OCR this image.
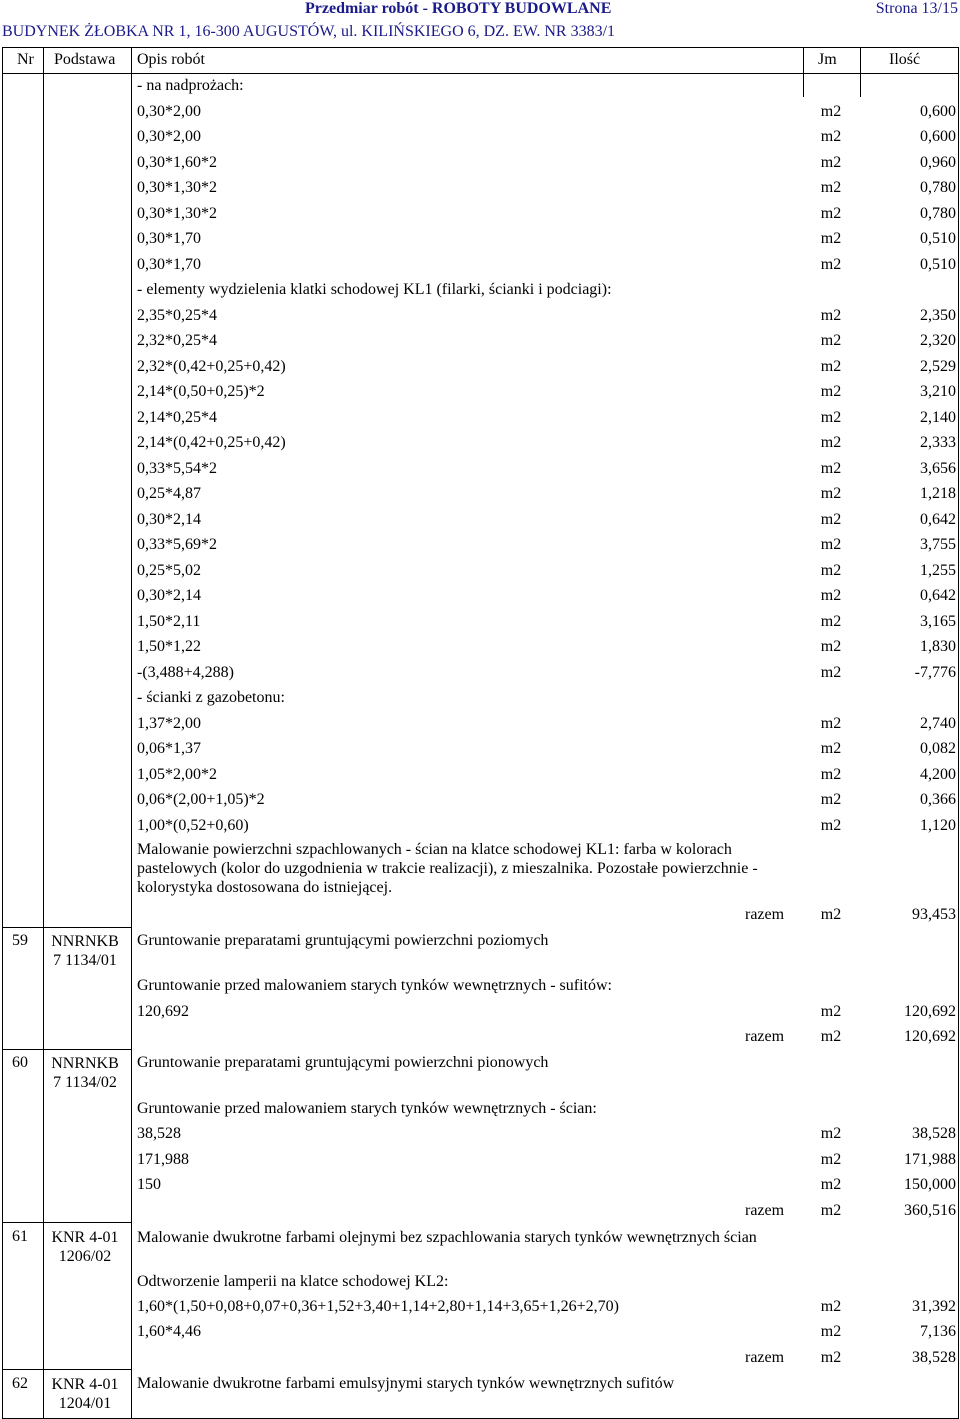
Przedmiar robót - ROBOTY BUDOWLANE	Strona 13/15
BUDYNEK ŻŁOBKA NR 1, 16-300 AUGUSTÓW, ul. KILIŃSKIEGO 6, DZ. EW. NR 3383/1
Nr Podstawa Opis robót	Jm	Ilość
- na nadprożach:
0,30*2,00	m2	0,600
0,30*2,00	m2	0,600
0,30*1,60*2	m2	0,960
0,30*1,30*2	m2	0,780
0,30*1,30*2	m2	0,780
0,30*1,70	m2	0,510
0,30*1,70	m2	0,510
- elementy wydzielenia klatki schodowej KL1 (filarki, ścianki i podciagi):
2,35*0,25*4	m2	2,350
2,32*0,25*4	m2	2,320
2,32*(0,42+0,25+0,42)	m2	2,529
2,14*(0,50+0,25)*2	m2	3,210
2,14*0,25*4	m2	2,140
2,14*(0,42+0,25+0,42)	m2	2,333
0,33*5,54*2	m2	3,656
0,25*4,87	m2	1,218
0,30*2,14	m2	0,642
0,33*5,69*2	m2	3,755
0,25*5,02	m2	1,255
0,30*2,14	m2	0,642
1,50*2,11	m2	3,165
1,50*1,22	m2	1,830
-(3,488+4,288)	m2	-7,776
- ścianki z gazobetonu:
1,37*2,00	m2	2,740
0,06*1,37	m2	0,082
1,05*2,00*2	m2	4,200
0,06*(2,00+1,05)*2	m2	0,366
1,00*(0,52+0,60)	m2	1,120
Malowanie powierzchni szpachlowanych - ścian na klatce schodowej KL1: farba w kolorach pastelowych (kolor do uzgodnienia w trakcie realizacji), z mieszalnika. Pozostałe powierzchnie - kolorystyka dostosowana do istniejącej.
razem	m2	93,453
59	NNRNKB
7 1134/01
Gruntowanie preparatami gruntującymi powierzchni poziomych
Gruntowanie przed malowaniem starych tynków wewnętrznych - sufitów:
120,692	m2	120,692
razem	m2	120,692
60	NNRNKB
7 1134/02
Gruntowanie preparatami gruntującymi powierzchni pionowych
Gruntowanie przed malowaniem starych tynków wewnętrznych - ścian:
38,528	m2	38,528
171,988	m2	171,988
150	m2	150,000
razem	m2	360,516
61	KNR 4-01
1206/02
Malowanie dwukrotne farbami olejnymi bez szpachlowania starych tynków wewnętrznych ścian
Odtworzenie lamperii na klatce schodowej KL2:
1,60*(1,50+0,08+0,07+0,36+1,52+3,40+1,14+2,80+1,14+3,65+1,26+2,70)	m2	31,392
1,60*4,46	m2	7,136
razem	m2	38,528
62	KNR 4-01
1204/01
Malowanie dwukrotne farbami emulsyjnymi starych tynków wewnętrznych sufitów
